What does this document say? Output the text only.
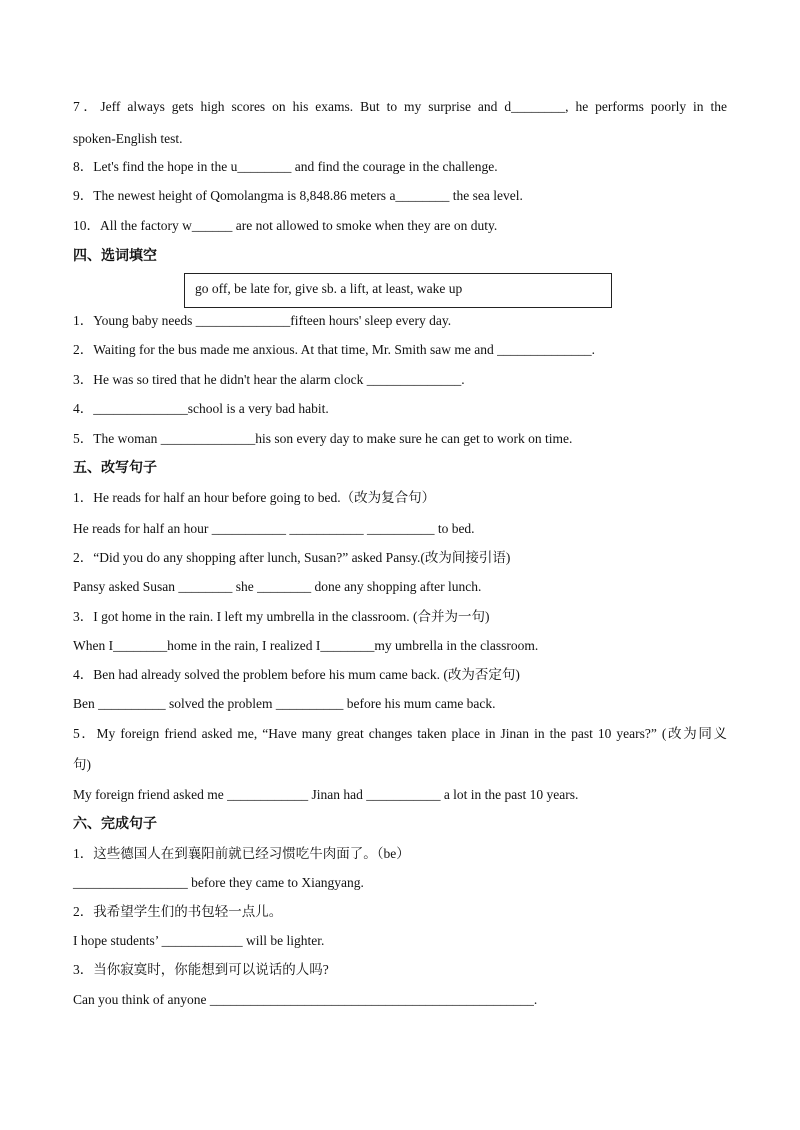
7．Jeff always gets high scores on his exams. But to my surprise and d________, he performs poorly in the
spoken-English test.
8．Let's find the hope in the u________ and find the courage in the challenge.
9．The newest height of Qomolangma is 8,848.86 meters a________ the sea level.
10．All the factory w______ are not allowed to smoke when they are on duty.
四、选词填空
go off, be late for, give sb. a lift, at least, wake up
1．Young baby needs ______________fifteen hours' sleep every day.
2．Waiting for the bus made me anxious. At that time, Mr. Smith saw me and ______________.
3．He was so tired that he didn't hear the alarm clock ______________.
4．______________school is a very bad habit.
5．The woman ______________his son every day to make sure he can get to work on time.
五、改写句子
1．He reads for half an hour before going to bed.（改为复合句）
He reads for half an hour ___________ ___________ __________ to bed.
2．“Did you do any shopping after lunch, Susan?” asked Pansy.(改为间接引语)
Pansy asked Susan ________ she ________ done any shopping after lunch.
3．I got home in the rain. I left my umbrella in the classroom. (合并为一句)
When I________home in the rain, I realized I________my umbrella in the classroom.
4．Ben had already solved the problem before his mum came back. (改为否定句)
Ben __________ solved the problem __________ before his mum came back.
5．My foreign friend asked me, “Have many great changes taken place in Jinan in the past 10 years?” (改为同义
句)
My foreign friend asked me ____________ Jinan had ___________ a lot in the past 10 years.
六、完成句子
1．这些德国人在到襄阳前就已经习惯吃牛肉面了。（be）
_________________ before they came to Xiangyang.
2．我希望学生们的书包轻一点儿。
I hope students’ ____________ will be lighter.
3．当你寂寞时，你能想到可以说话的人吗?
Can you think of anyone ________________________________________________.
